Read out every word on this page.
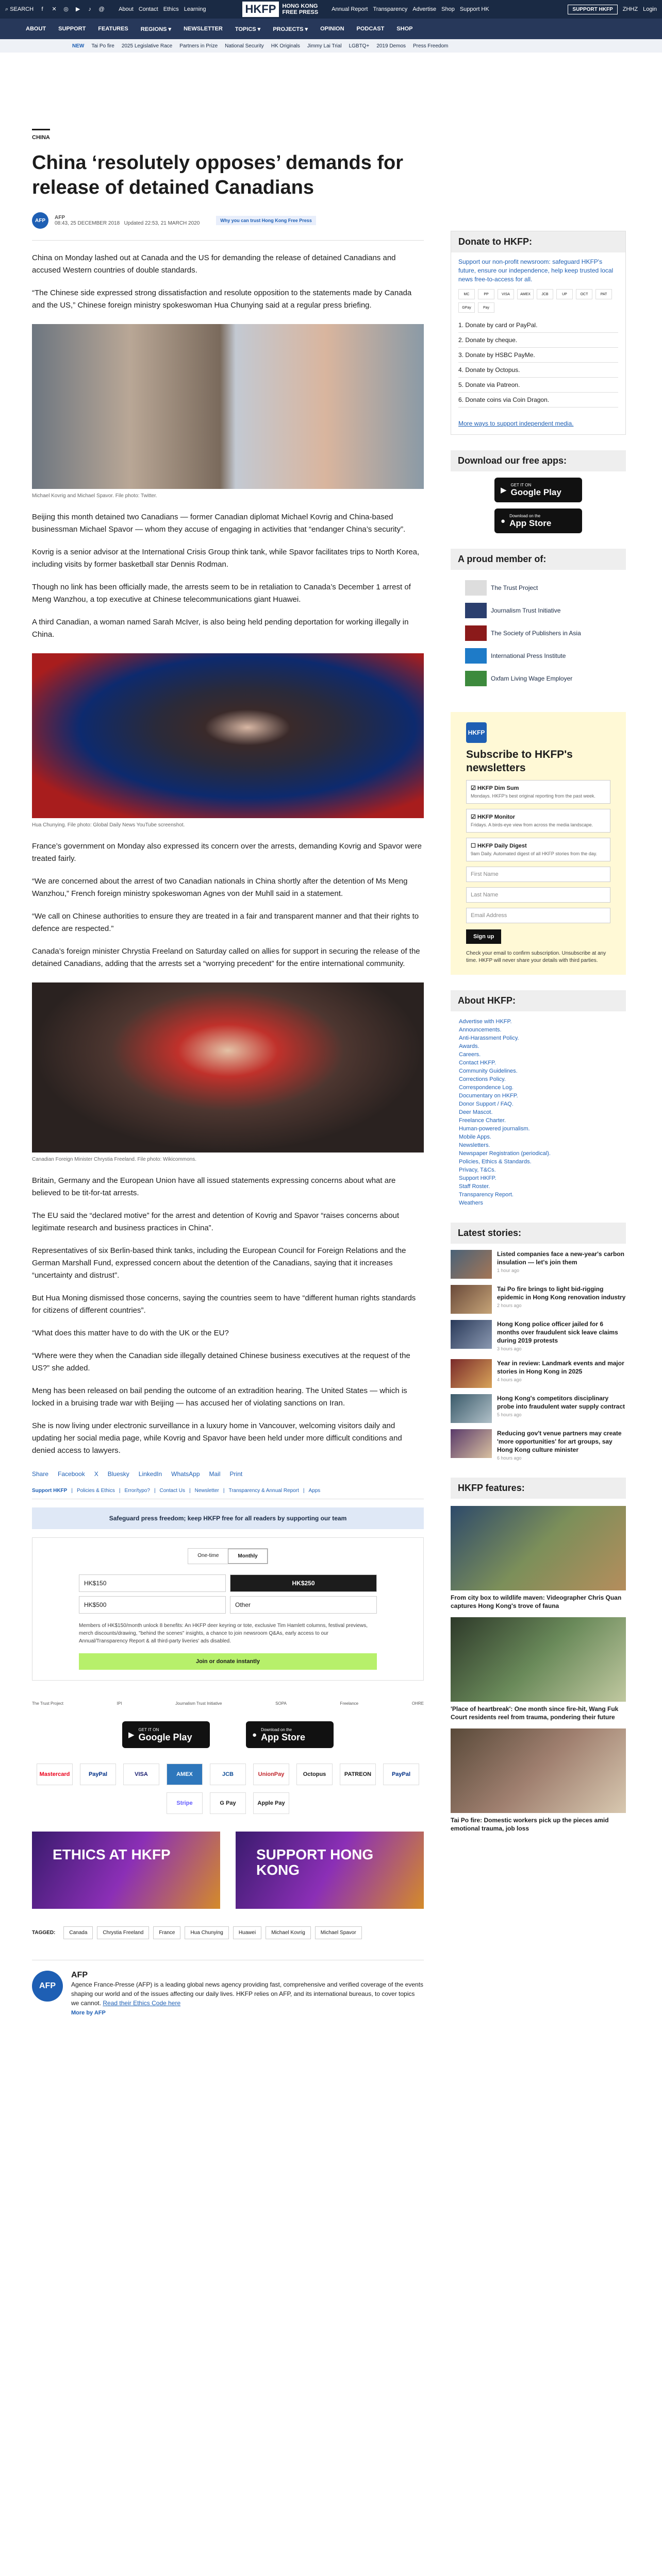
⌕ SEARCH	f	✕ ◎ ▶	♪	@ About Contact Ethics Learning	HKFP	HONG KONG
FREE PRESS Annual Report Transparency Advertise Shop Support HK	SUPPORT HKFP	ZHHZ Login
ABOUT SUPPORT FEATURES REGIONS ▾ NEWSLETTER TOPICS ▾ PROJECTS ▾ OPINION PODCAST SHOP
NEW Tai Po fire 2025 Legislative Race Partners in Prize National Security HK Originals Jimmy Lai Trial LGBTQ+ 2019 Demos Press Freedom
CHINA
China ‘resolutely opposes’ demands for release of detained Canadians
AFP	AFP
08:43, 25 DECEMBER 2018 Updated 22:53, 21 MARCH 2020	Why you can trust Hong Kong Free Press

China on Monday lashed out at Canada and the US for demanding the release of detained Canadians and accused Western countries of double standards.

“The Chinese side expressed strong dissatisfaction and resolute opposition to the statements made by Canada and the US,” Chinese foreign ministry spokeswoman Hua Chunying said at a regular press briefing.

Michael Kovrig and Michael Spavor. File photo: Twitter.

Beijing this month detained two Canadians — former Canadian diplomat Michael Kovrig and China-based businessman Michael Spavor — whom they accuse of engaging in activities that “endanger China’s security”.

Kovrig is a senior advisor at the International Crisis Group think tank, while Spavor facilitates trips to North Korea, including visits by former basketball star Dennis Rodman.

Though no link has been officially made, the arrests seem to be in retaliation to Canada’s December 1 arrest of Meng Wanzhou, a top executive at Chinese telecommunications giant Huawei.

A third Canadian, a woman named Sarah McIver, is also being held pending deportation for working illegally in China.

Hua Chunying. File photo: Global Daily News YouTube screenshot.

France’s government on Monday also expressed its concern over the arrests, demanding Kovrig and Spavor were treated fairly.

“We are concerned about the arrest of two Canadian nationals in China shortly after the detention of Ms Meng Wanzhou,” French foreign ministry spokeswoman Agnes von der Muhll said in a statement.

“We call on Chinese authorities to ensure they are treated in a fair and transparent manner and that their rights to defence are respected.”

Canada’s foreign minister Chrystia Freeland on Saturday called on allies for support in securing the release of the detained Canadians, adding that the arrests set a “worrying precedent” for the entire international community.

Canadian Foreign Minister Chrystia Freeland. File photo: Wikicommons.

Britain, Germany and the European Union have all issued statements expressing concerns about what are believed to be tit-for-tat arrests.

The EU said the “declared motive” for the arrest and detention of Kovrig and Spavor “raises concerns about legitimate research and business practices in China”.

Representatives of six Berlin-based think tanks, including the European Council for Foreign Relations and the German Marshall Fund, expressed concern about the detention of the Canadians, saying that it increases “uncertainty and distrust”.

But Hua Moning dismissed those concerns, saying the countries seem to have “different human rights standards for citizens of different countries”.

“What does this matter have to do with the UK or the EU?

“Where were they when the Canadian side illegally detained Chinese business executives at the request of the US?” she added.

Meng has been released on bail pending the outcome of an extradition hearing. The United States — which is locked in a bruising trade war with Beijing — has accused her of violating sanctions on Iran.

She is now living under electronic surveillance in a luxury home in Vancouver, welcoming visitors daily and updating her social media page, while Kovrig and Spavor have been held under more difficult conditions and denied access to lawyers.

Share Facebook X Bluesky LinkedIn WhatsApp Mail Print
Support HKFP | Policies & Ethics | Error/typo? | Contact Us | Newsletter | Transparency & Annual Report | Apps
Safeguard press freedom; keep HKFP free for all readers by supporting our team
One-time	Monthly
HK$150	HK$250
HK$500	Other
Members of HK$150/month unlock 8 benefits: An HKFP deer keyring or tote, exclusive Tim Hamlett columns, festival previews, merch discounts/drawing, "behind the scenes" insights, a chance to join newsroom Q&As, early access to our Annual/Transparency Report & all third-party liveries' ads disabled.
Join or donate instantly
The Trust Project	IPI	Journalism Trust Initiative	SOPA	Freelance	OHRE
▶
GET IT ON
Google Play	●
Download on the
App Store
Mastercard	PayPal	VISA	AMEX	JCB	UnionPay	Octopus	PATREON	PayPal
Stripe	G Pay	Apple Pay
ETHICS AT HKFP	SUPPORT HONG KONG
TAGGED:	Canada	Chrystia Freeland	France	Hua Chunying	Huawei	Michael Kovrig	Michael Spavor
AFP
AFP

Agence France-Presse (AFP) is a leading global news agency providing fast, comprehensive and verified coverage of the events shaping our world and of the issues affecting our daily lives. HKFP relies on AFP, and its international bureaus, to cover topics we cannot. Read their Ethics Code here

More by AFP
Donate to HKFP:
Support our non-profit newsroom: safeguard HKFP's future, ensure our independence, help keep trusted local news free-to-access for all.
MC	PP	VISA	AMEX	JCB	UP	OCT	PAT
GPay	Pay
1. Donate by card or PayPal.
2. Donate by cheque.
3. Donate by HSBC PayMe.
4. Donate by Octopus.
5. Donate via Patreon.
6. Donate coins via Coin Dragon.
More ways to support independent media.
Download our free apps:
▶
GET IT ON
Google Play
●
Download on the
App Store
A proud member of:
The Trust Project
Journalism Trust Initiative
The Society of Publishers in Asia
International Press Institute
Oxfam Living Wage Employer
HKFP
Subscribe to HKFP's newsletters
☑ HKFP Dim Sum
Mondays. HKFP's best original reporting from the past week.
☑ HKFP Monitor
Fridays. A birds-eye view from across the media landscape.
☐ HKFP Daily Digest
9am Daily. Automated digest of all HKFP stories from the day.
First Name
Last Name
Email Address
Sign up
Check your email to confirm subscription. Unsubscribe at any time. HKFP will never share your details with third parties.
About HKFP:
Advertise with HKFP.
Announcements.
Anti-Harassment Policy.
Awards.
Careers.
Contact HKFP.
Community Guidelines.
Corrections Policy.
Correspondence Log.
Documentary on HKFP.
Donor Support / FAQ.
Deer Mascot.
Freelance Charter.
Human-powered journalism.
Mobile Apps.
Newsletters.
Newspaper Registration (periodical).
Policies, Ethics & Standards.
Privacy, T&Cs.
Support HKFP.
Staff Roster.
Transparency Report.
Weathers
Latest stories:
Listed companies face a new-year's carbon insulation — let's join them
1 hour ago
Tai Po fire brings to light bid-rigging epidemic in Hong Kong renovation industry
2 hours ago
Hong Kong police officer jailed for 6 months over fraudulent sick leave claims during 2019 protests
3 hours ago
Year in review: Landmark events and major stories in Hong Kong in 2025
4 hours ago
Hong Kong's competitors disciplinary probe into fraudulent water supply contract
5 hours ago
Reducing gov't venue partners may create 'more opportunities' for art groups, say Hong Kong culture minister
6 hours ago
HKFP features:
From city box to wildlife maven: Videographer Chris Quan captures Hong Kong's trove of fauna
'Place of heartbreak': One month since fire-hit, Wang Fuk Court residents reel from trauma, pondering their future
Tai Po fire: Domestic workers pick up the pieces amid emotional trauma, job loss
